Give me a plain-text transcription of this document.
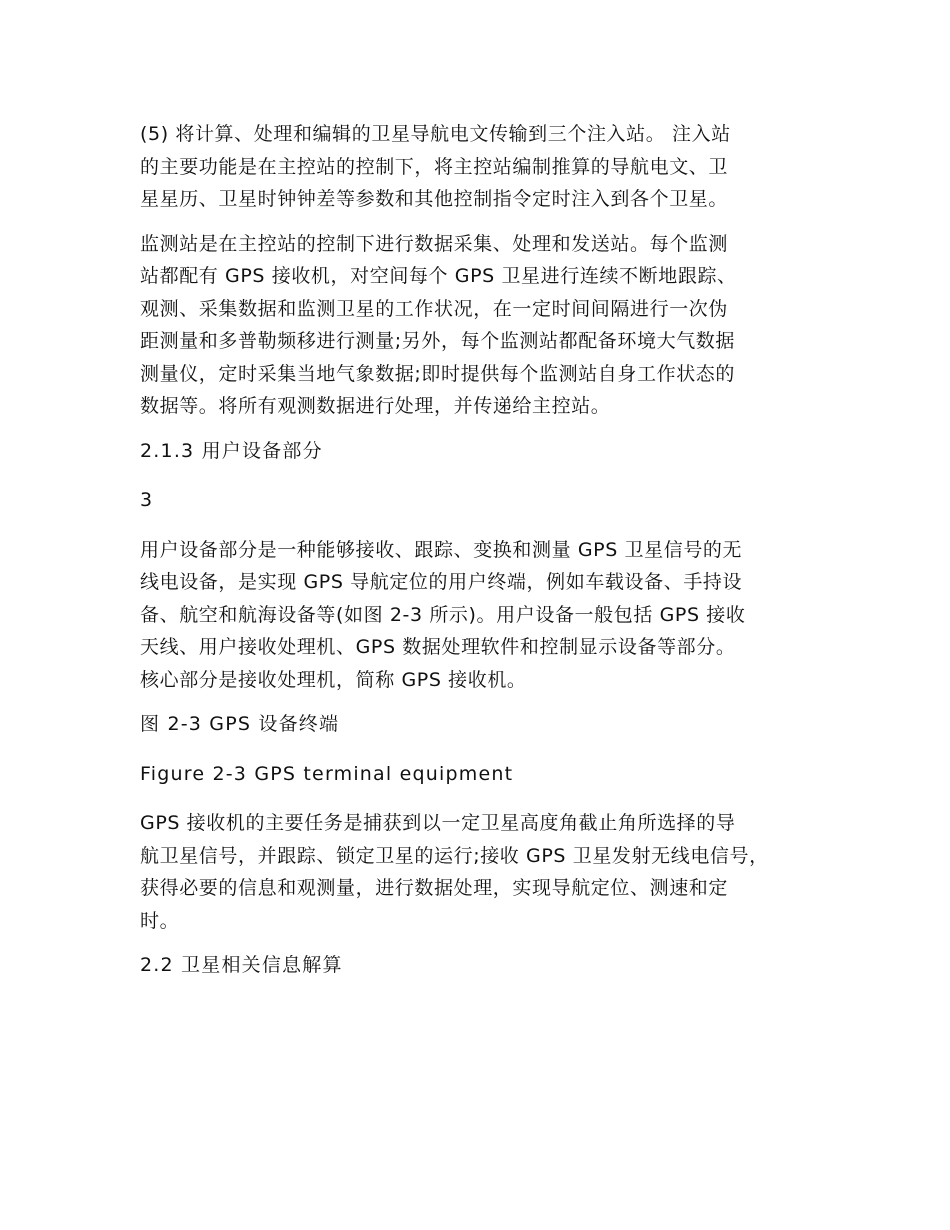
(5) 将计算、处理和编辑的卫星导航电文传输到三个注入站。 注入站
的主要功能是在主控站的控制下，将主控站编制推算的导航电文、卫
星星历、卫星时钟钟差等参数和其他控制指令定时注入到各个卫星。
监测站是在主控站的控制下进行数据采集、处理和发送站。每个监测
站都配有 GPS 接收机，对空间每个 GPS 卫星进行连续不断地跟踪、
观测、采集数据和监测卫星的工作状况，在一定时间间隔进行一次伪
距测量和多普勒频移进行测量;另外，每个监测站都配备环境大气数据
测量仪，定时采集当地气象数据;即时提供每个监测站自身工作状态的
数据等。将所有观测数据进行处理，并传递给主控站。
2.1.3 用户设备部分
3
用户设备部分是一种能够接收、跟踪、变换和测量 GPS 卫星信号的无
线电设备，是实现 GPS 导航定位的用户终端，例如车载设备、手持设
备、航空和航海设备等(如图 2-3 所示)。用户设备一般包括 GPS 接收
天线、用户接收处理机、GPS 数据处理软件和控制显示设备等部分。
核心部分是接收处理机，简称 GPS 接收机。
图 2-3 GPS 设备终端
Figure 2-3 GPS terminal equipment
GPS 接收机的主要任务是捕获到以一定卫星高度角截止角所选择的导
航卫星信号，并跟踪、锁定卫星的运行;接收 GPS 卫星发射无线电信号，
获得必要的信息和观测量，进行数据处理，实现导航定位、测速和定
时。
2.2 卫星相关信息解算
